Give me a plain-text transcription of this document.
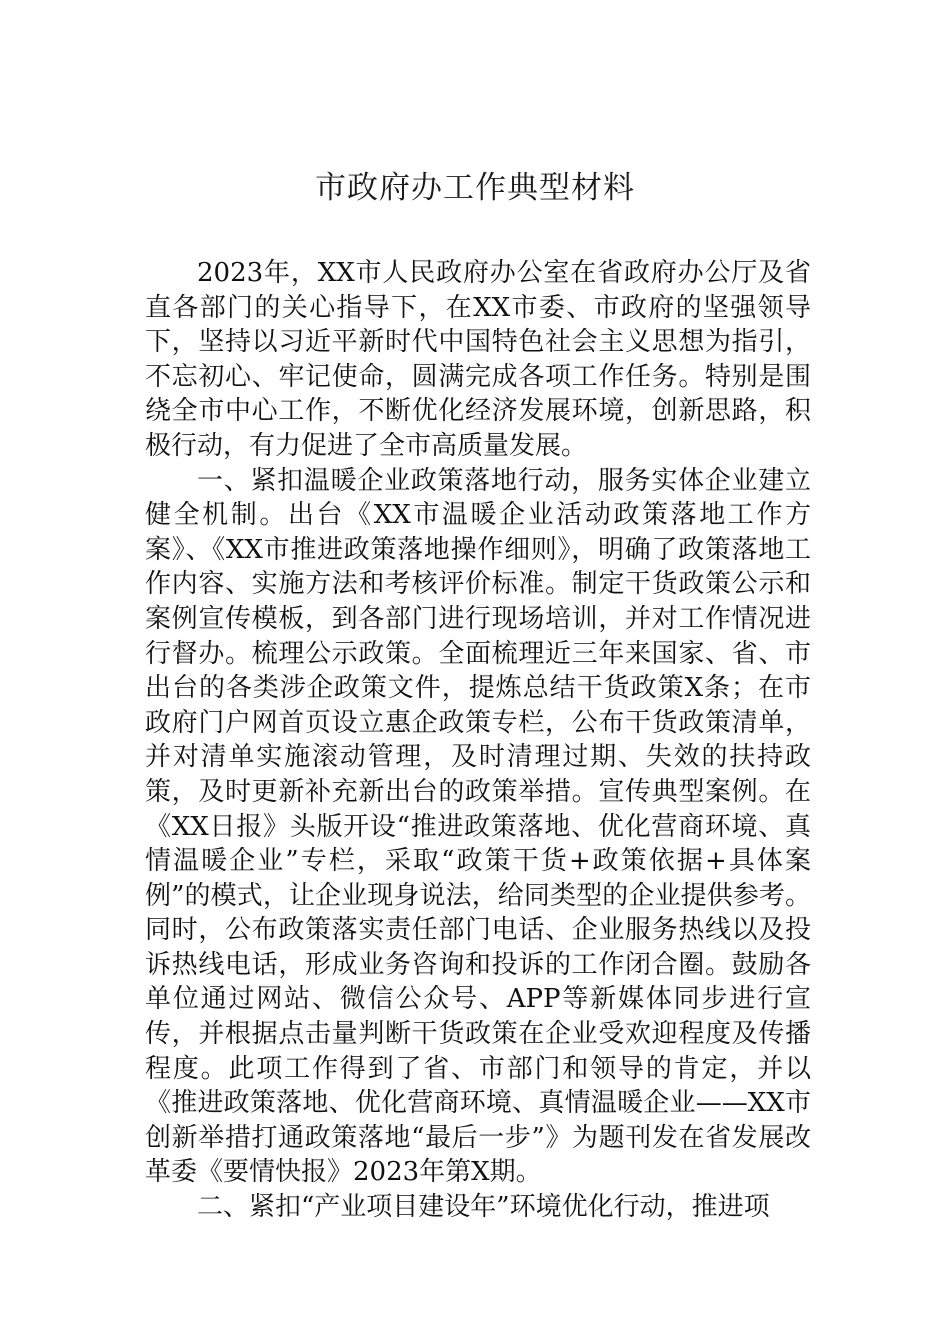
市政府办工作典型材料

2023年，XX市人民政府办公室在省政府办公厅及省直各部门的关心指导下，在XX市委、市政府的坚强领导下，坚持以习近平新时代中国特色社会主义思想为指引，不忘初心、牢记使命，圆满完成各项工作任务。特别是围绕全市中心工作，不断优化经济发展环境，创新思路，积极行动，有力促进了全市高质量发展。

一、紧扣温暖企业政策落地行动，服务实体企业建立健全机制。出台《XX市温暖企业活动政策落地工作方案》、《XX市推进政策落地操作细则》，明确了政策落地工作内容、实施方法和考核评价标准。制定干货政策公示和案例宣传模板，到各部门进行现场培训，并对工作情况进行督办。梳理公示政策。全面梳理近三年来国家、省、市出台的各类涉企政策文件，提炼总结干货政策X条；在市政府门户网首页设立惠企政策专栏，公布干货政策清单，并对清单实施滚动管理，及时清理过期、失效的扶持政策，及时更新补充新出台的政策举措。宣传典型案例。在《XX日报》头版开设“推进政策落地、优化营商环境、真情温暖企业”专栏，采取“政策干货+政策依据+具体案例”的模式，让企业现身说法，给同类型的企业提供参考。同时，公布政策落实责任部门电话、企业服务热线以及投诉热线电话，形成业务咨询和投诉的工作闭合圈。鼓励各单位通过网站、微信公众号、APP等新媒体同步进行宣传，并根据点击量判断干货政策在企业受欢迎程度及传播程度。此项工作得到了省、市部门和领导的肯定，并以《推进政策落地、优化营商环境、真情温暖企业——XX市创新举措打通政策落地“最后一步”》为题刊发在省发展改革委《要情快报》2023年第X期。

二、紧扣“产业项目建设年”环境优化行动，推进项
